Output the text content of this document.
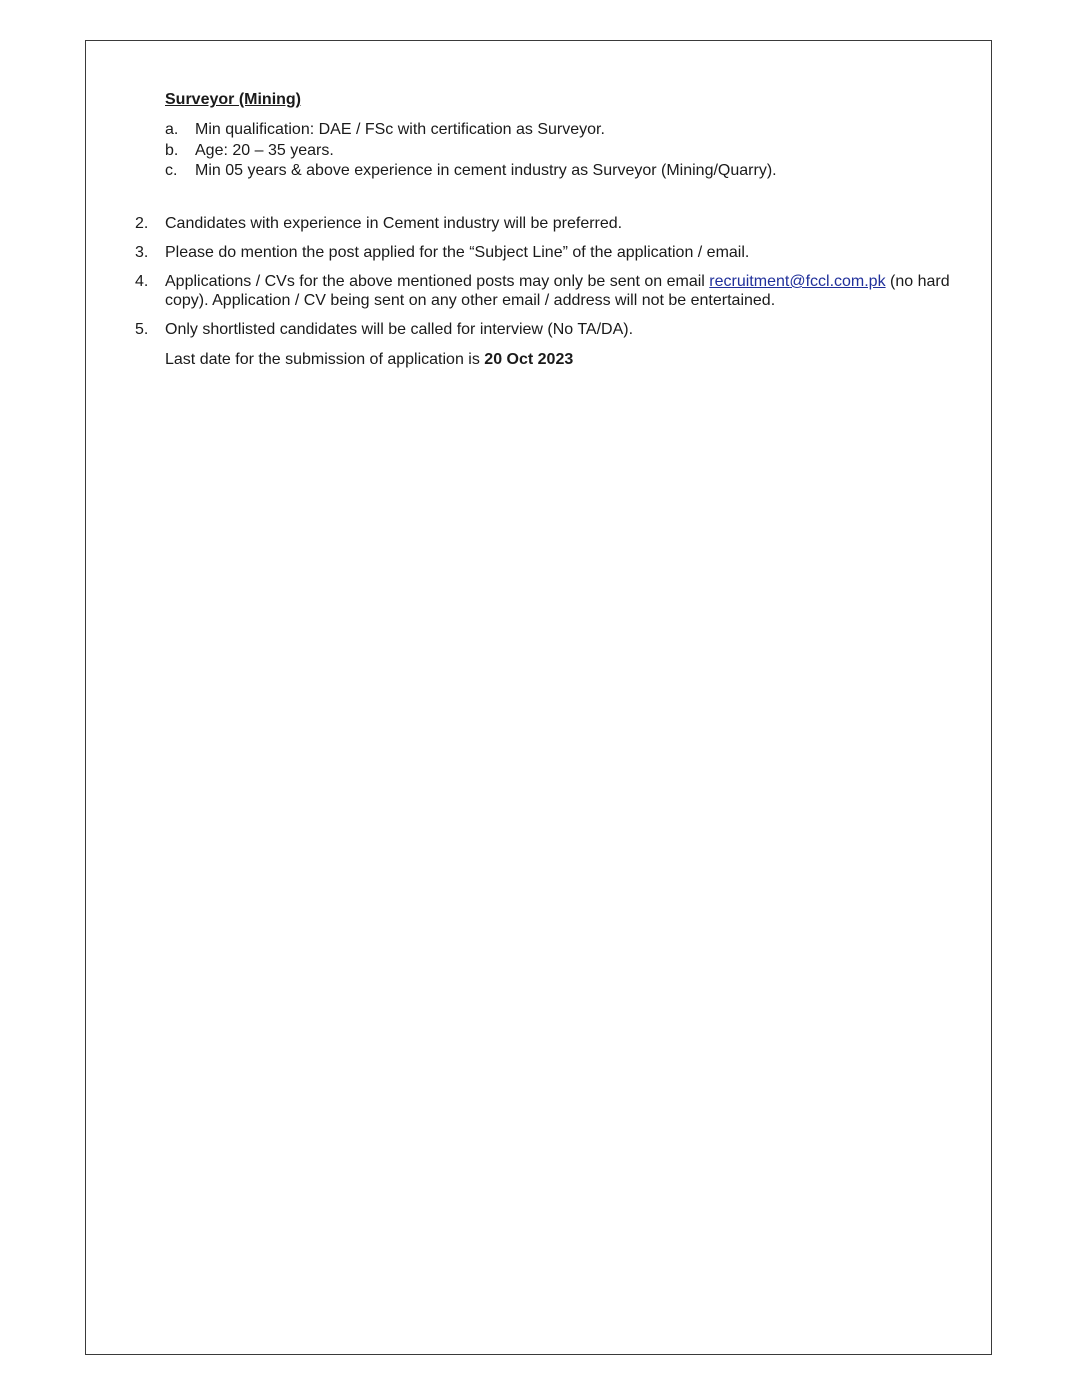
Surveyor (Mining)
a. Min qualification: DAE / FSc with certification as Surveyor.
b. Age: 20 – 35 years.
c. Min 05 years & above experience in cement industry as Surveyor (Mining/Quarry).
2.	Candidates with experience in Cement industry will be preferred.
3.	Please do mention the post applied for the “Subject Line” of the application / email.
4.	Applications / CVs for the above mentioned posts may only be sent on email recruitment@fccl.com.pk (no hard copy). Application / CV being sent on any other email / address will not be entertained.
5.	Only shortlisted candidates will be called for interview (No TA/DA).
Last date for the submission of application is 20 Oct 2023
